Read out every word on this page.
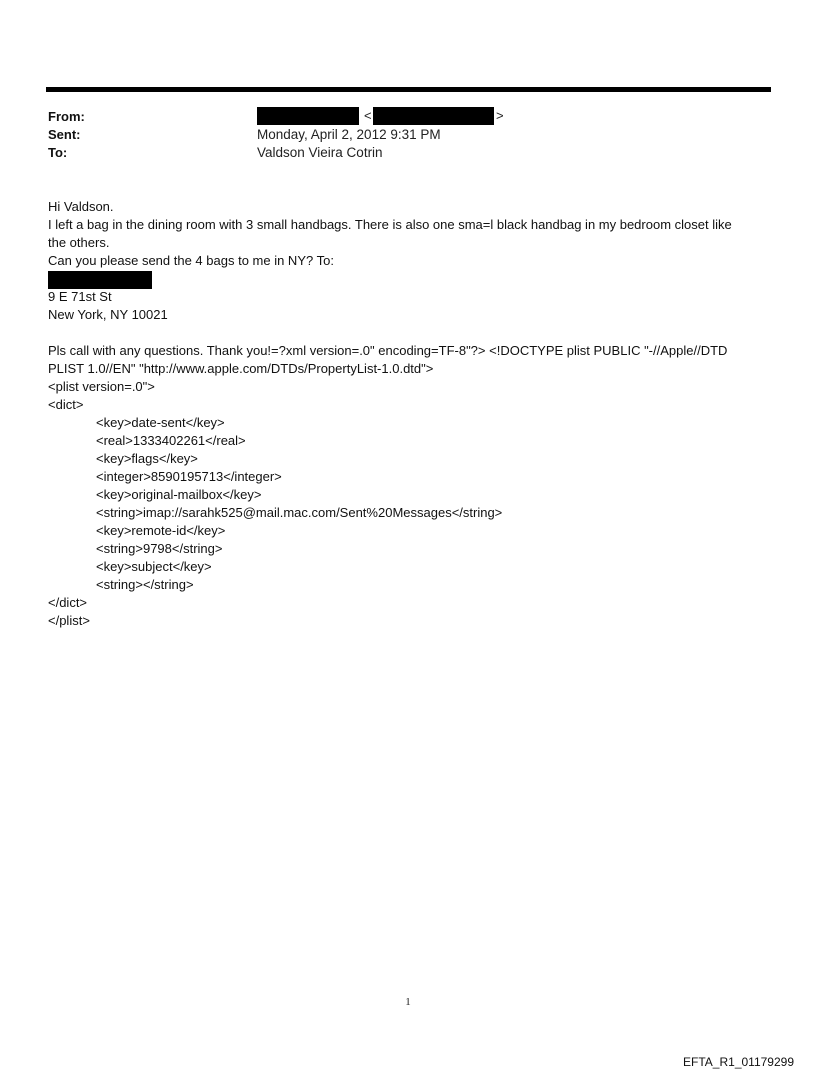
From:	<	>
Sent:	Monday, April 2, 2012 9:31 PM
To:	Valdson Vieira Cotrin
Hi Valdson.
I left a bag in the dining room with 3 small handbags. There is also one sma=l black handbag in my bedroom closet like
the others.
Can you please send the 4 bags to me in NY? To:
9 E 71st St
New York, NY 10021
Pls call with any questions. Thank you!=?xml version=.0" encoding=TF-8"?> <!DOCTYPE plist PUBLIC "-//Apple//DTD
PLIST 1.0//EN" "http://www.apple.com/DTDs/PropertyList-1.0.dtd">
<plist version=.0">
<dict>
<key>date-sent</key>
<real>1333402261</real>
<key>flags</key>
<integer>8590195713</integer>
<key>original-mailbox</key>
<string>imap://sarahk525@mail.mac.com/Sent%20Messages</string>
<key>remote-id</key>
<string>9798</string>
<key>subject</key>
<string></string>
</dict>
</plist>
1
EFTA_R1_01179299
